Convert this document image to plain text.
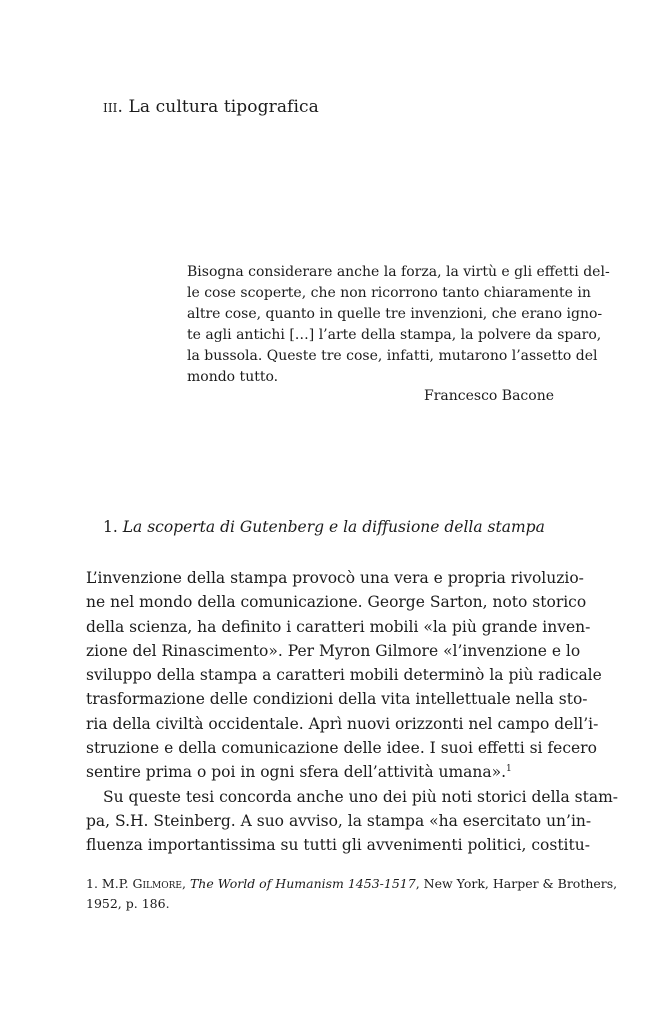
iii. La cultura tipografica
Bisogna considerare anche la forza, la virtù e gli effetti del-
le cose scoperte, che non ricorrono tanto chiaramente in
altre cose, quanto in quelle tre invenzioni, che erano igno-
te agli antichi […] l’arte della stampa, la polvere da sparo,
la bussola. Queste tre cose, infatti, mutarono l’assetto del
mondo tutto.
Francesco Bacone
1. La scoperta di Gutenberg e la diffusione della stampa
L’invenzione della stampa provocò una vera e propria rivoluzio-
ne nel mondo della comunicazione. George Sarton, noto storico
della scienza, ha definito i caratteri mobili «la più grande inven-
zione del Rinascimento». Per Myron Gilmore «l’invenzione e lo
sviluppo della stampa a caratteri mobili determinò la più radicale
trasformazione delle condizioni della vita intellettuale nella sto-
ria della civiltà occidentale. Aprì nuovi orizzonti nel campo dell’i-
struzione e della comunicazione delle idee. I suoi effetti si fecero
sentire prima o poi in ogni sfera dell’attività umana».$^1$
Su queste tesi concorda anche uno dei più noti storici della stam-
pa, S.H. Steinberg. A suo avviso, la stampa «ha esercitato un’in-
fluenza importantissima su tutti gli avvenimenti politici, costitu-
1. M.P. Gilmore, The World of Humanism 1453-1517, New York, Harper & Brothers,
1952, p. 186.
